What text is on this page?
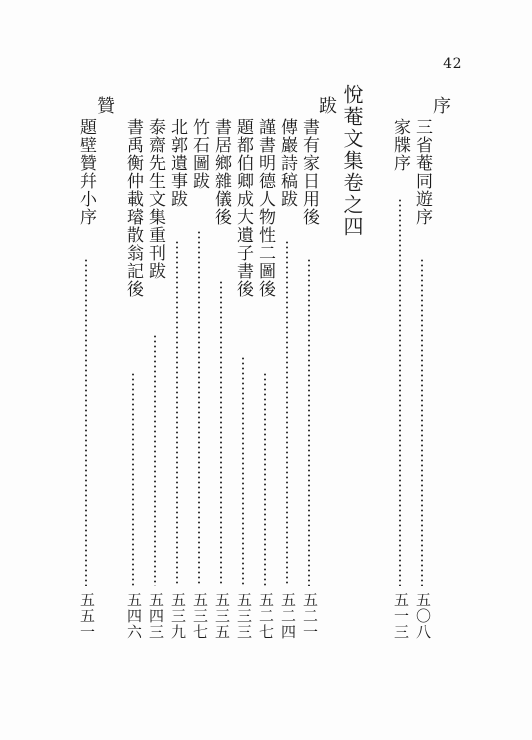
42
序
三省菴同遊序
五〇八
家牒序
五一三
悅菴文集卷之四
跋
書有家日用後
五二一
傳巖詩稿跋
五二四
謹書明德人物性二圖後
五二七
題都伯卿成大遺子書後
五三三
書居鄉雜儀後
五三五
竹石圖跋
五三七
北郭遺事跋
五三九
泰齋先生文集重刊跋
五四三
書禹衡仲載璿散翁記後
五四六
贊
題壁贊幷小序
五五一
